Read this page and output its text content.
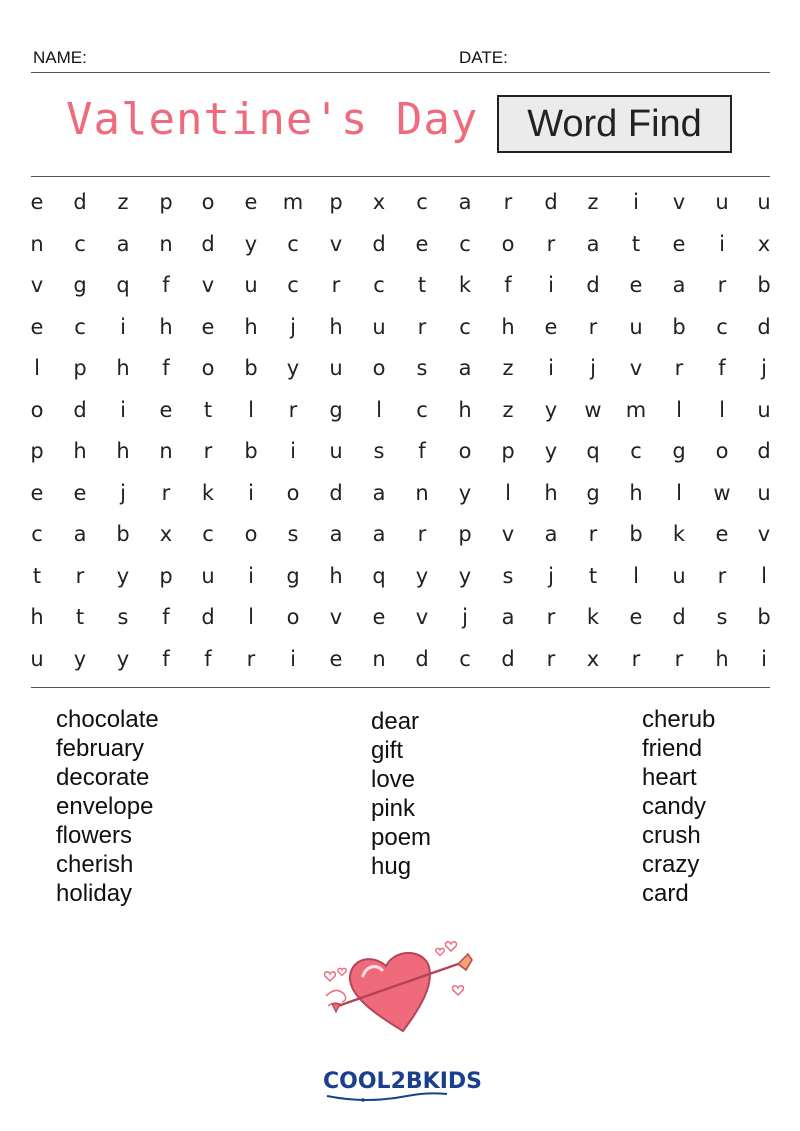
NAME:	DATE:
Valentine's Day Word Find
e	d	z	p	o	e	m	p	x	c	a	r	d	z	i	v	u	u
n	c	a	n	d	y	c	v	d	e	c	o	r	a	t	e	i	x
v	g	q	f	v	u	c	r	c	t	k	f	i	d	e	a	r	b
e	c	i	h	e	h	j	h	u	r	c	h	e	r	u	b	c	d
l	p	h	f	o	b	y	u	o	s	a	z	i	j	v	r	f	j
o	d	i	e	t	l	r	g	l	c	h	z	y	w	m	l	l	u
p	h	h	n	r	b	i	u	s	f	o	p	y	q	c	g	o	d
e	e	j	r	k	i	o	d	a	n	y	l	h	g	h	l	w	u
c	a	b	x	c	o	s	a	a	r	p	v	a	r	b	k	e	v
t	r	y	p	u	i	g	h	q	y	y	s	j	t	l	u	r	l
h	t	s	f	d	l	o	v	e	v	j	a	r	k	e	d	s	b
u	y	y	f	f	r	i	e	n	d	c	d	r	x	r	r	h	i
chocolate
february
decorate
envelope
flowers
cherish
holiday
dear
gift
love
pink
poem
hug
cherub
friend
heart
candy
crush
crazy
card
COOL2BKIDS
